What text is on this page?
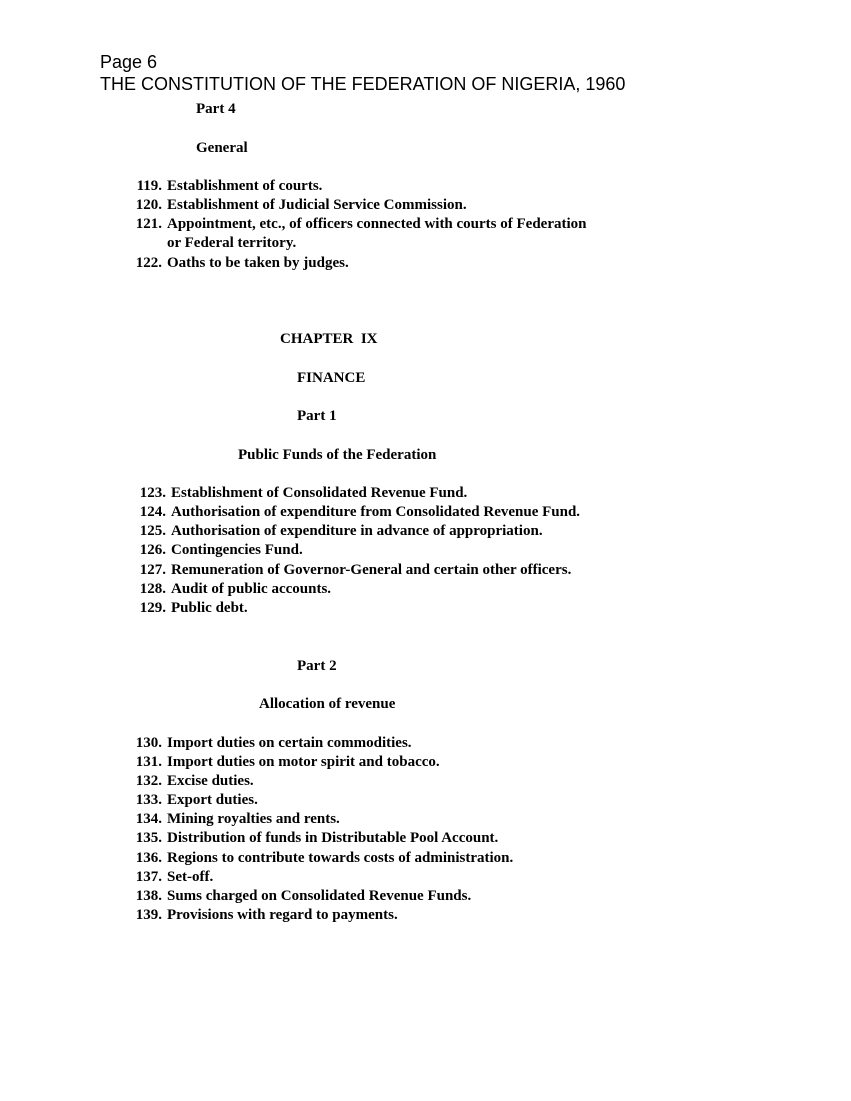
Page 6
THE CONSTITUTION OF THE FEDERATION OF NIGERIA, 1960
Part 4
General
119. Establishment of courts.
120. Establishment of Judicial Service Commission.
121. Appointment, etc., of officers connected with courts of Federation
or Federal territory.
122. Oaths to be taken by judges.
CHAPTER  IX
FINANCE
Part 1
Public Funds of the Federation
123. Establishment of Consolidated Revenue Fund.
124. Authorisation of expenditure from Consolidated Revenue Fund.
125. Authorisation of expenditure in advance of appropriation.
126. Contingencies Fund.
127. Remuneration of Governor-General and certain other officers.
128. Audit of public accounts.
129. Public debt.
Part 2
Allocation of revenue
130. Import duties on certain commodities.
131. Import duties on motor spirit and tobacco.
132. Excise duties.
133. Export duties.
134. Mining royalties and rents.
135. Distribution of funds in Distributable Pool Account.
136. Regions to contribute towards costs of administration.
137. Set-off.
138. Sums charged on Consolidated Revenue Funds.
139. Provisions with regard to payments.
